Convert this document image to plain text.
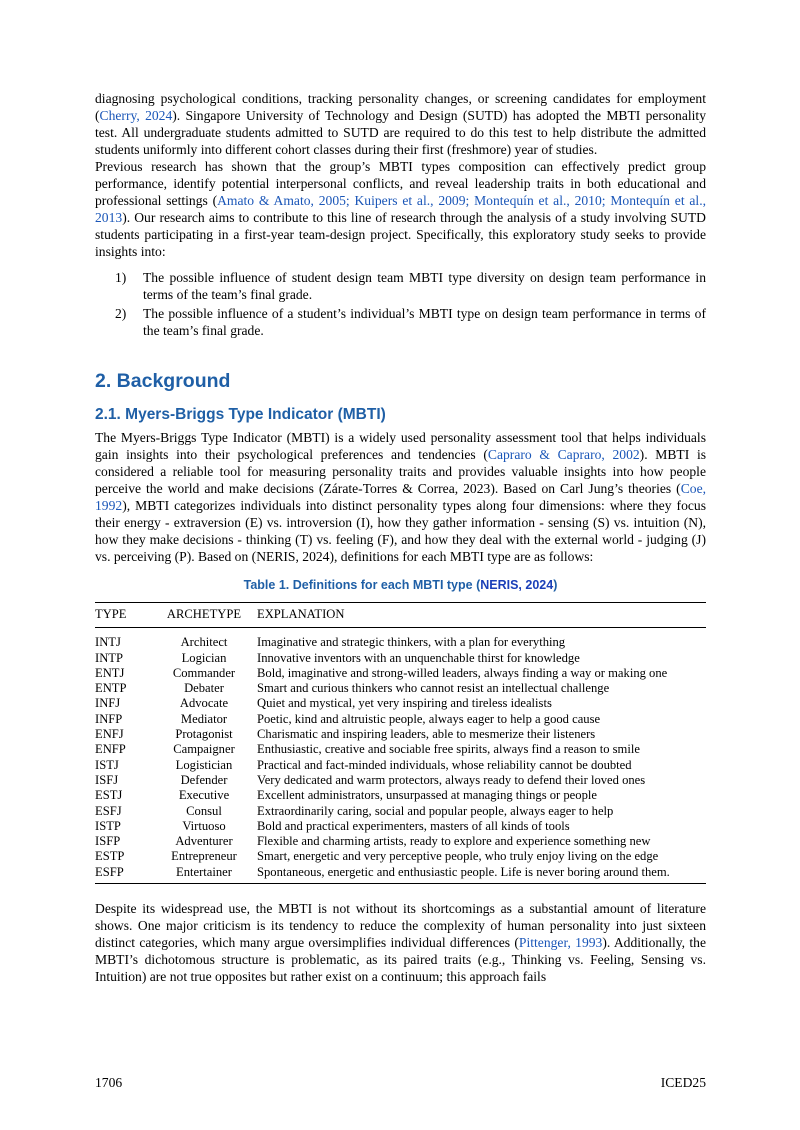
diagnosing psychological conditions, tracking personality changes, or screening candidates for employment (Cherry, 2024). Singapore University of Technology and Design (SUTD) has adopted the MBTI personality test. All undergraduate students admitted to SUTD are required to do this test to help distribute the admitted students uniformly into different cohort classes during their first (freshmore) year of studies.

Previous research has shown that the group’s MBTI types composition can effectively predict group performance, identify potential interpersonal conflicts, and reveal leadership traits in both educational and professional settings (Amato & Amato, 2005; Kuipers et al., 2009; Montequín et al., 2010; Montequín et al., 2013). Our research aims to contribute to this line of research through the analysis of a study involving SUTD students participating in a first-year team-design project. Specifically, this exploratory study seeks to provide insights into:

1)	The possible influence of student design team MBTI type diversity on design team performance in terms of the team’s final grade.
2)	The possible influence of a student’s individual’s MBTI type on design team performance in terms of the team’s final grade.
2. Background
2.1. Myers-Briggs Type Indicator (MBTI)

The Myers-Briggs Type Indicator (MBTI) is a widely used personality assessment tool that helps individuals gain insights into their psychological preferences and tendencies (Capraro & Capraro, 2002). MBTI is considered a reliable tool for measuring personality traits and provides valuable insights into how people perceive the world and make decisions (Zárate-Torres & Correa, 2023). Based on Carl Jung’s theories (Coe, 1992), MBTI categorizes individuals into distinct personality types along four dimensions: where they focus their energy - extraversion (E) vs. introversion (I), how they gather information - sensing (S) vs. intuition (N), how they make decisions - thinking (T) vs. feeling (F), and how they deal with the external world - judging (J) vs. perceiving (P). Based on (NERIS, 2024), definitions for each MBTI type are as follows:

Table 1. Definitions for each MBTI type (NERIS, 2024)
TYPE	ARCHETYPE	EXPLANATION
INTJ	Architect	Imaginative and strategic thinkers, with a plan for everything
INTP	Logician	Innovative inventors with an unquenchable thirst for knowledge
ENTJ	Commander	Bold, imaginative and strong-willed leaders, always finding a way or making one
ENTP	Debater	Smart and curious thinkers who cannot resist an intellectual challenge
INFJ	Advocate	Quiet and mystical, yet very inspiring and tireless idealists
INFP	Mediator	Poetic, kind and altruistic people, always eager to help a good cause
ENFJ	Protagonist	Charismatic and inspiring leaders, able to mesmerize their listeners
ENFP	Campaigner	Enthusiastic, creative and sociable free spirits, always find a reason to smile
ISTJ	Logistician	Practical and fact-minded individuals, whose reliability cannot be doubted
ISFJ	Defender	Very dedicated and warm protectors, always ready to defend their loved ones
ESTJ	Executive	Excellent administrators, unsurpassed at managing things or people
ESFJ	Consul	Extraordinarily caring, social and popular people, always eager to help
ISTP	Virtuoso	Bold and practical experimenters, masters of all kinds of tools
ISFP	Adventurer	Flexible and charming artists, ready to explore and experience something new
ESTP	Entrepreneur	Smart, energetic and very perceptive people, who truly enjoy living on the edge
ESFP	Entertainer	Spontaneous, energetic and enthusiastic people. Life is never boring around them.

Despite its widespread use, the MBTI is not without its shortcomings as a substantial amount of literature shows. One major criticism is its tendency to reduce the complexity of human personality into just sixteen distinct categories, which many argue oversimplifies individual differences (Pittenger, 1993). Additionally, the MBTI’s dichotomous structure is problematic, as its paired traits (e.g., Thinking vs. Feeling, Sensing vs. Intuition) are not true opposites but rather exist on a continuum; this approach fails

1706	ICED25
